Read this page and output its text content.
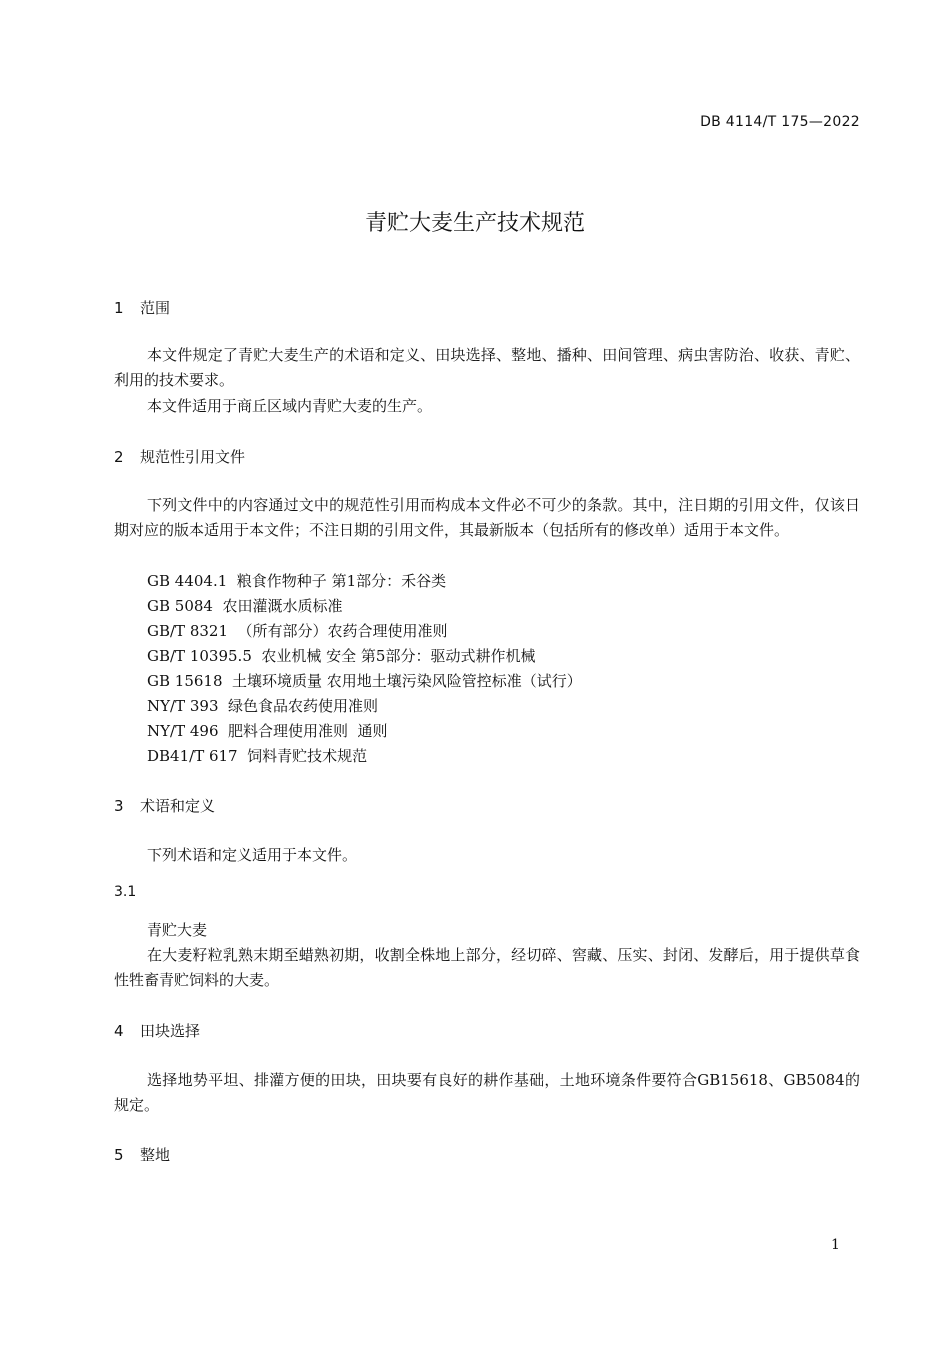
DB 4114/T 175—2022
青贮大麦生产技术规范
1 范围
本文件规定了青贮大麦生产的术语和定义、田块选择、整地、播种、田间管理、病虫害防治、收获、青贮、利用的技术要求。
本文件适用于商丘区域内青贮大麦的生产。
2 规范性引用文件
下列文件中的内容通过文中的规范性引用而构成本文件必不可少的条款。其中，注日期的引用文件，仅该日期对应的版本适用于本文件；不注日期的引用文件，其最新版本（包括所有的修改单）适用于本文件。
GB 4404.1  粮食作物种子 第1部分：禾谷类
GB 5084  农田灌溉水质标准
GB/T 8321  （所有部分）农药合理使用准则
GB/T 10395.5  农业机械 安全 第5部分：驱动式耕作机械
GB 15618  土壤环境质量 农用地土壤污染风险管控标准（试行）
NY/T 393  绿色食品农药使用准则
NY/T 496  肥料合理使用准则  通则
DB41/T 617  饲料青贮技术规范
3 术语和定义
下列术语和定义适用于本文件。
3.1
青贮大麦
在大麦籽粒乳熟末期至蜡熟初期，收割全株地上部分，经切碎、窖藏、压实、封闭、发酵后，用于提供草食性牲畜青贮饲料的大麦。
4 田块选择
选择地势平坦、排灌方便的田块，田块要有良好的耕作基础，土地环境条件要符合GB15618、GB5084的规定。
5 整地
1
